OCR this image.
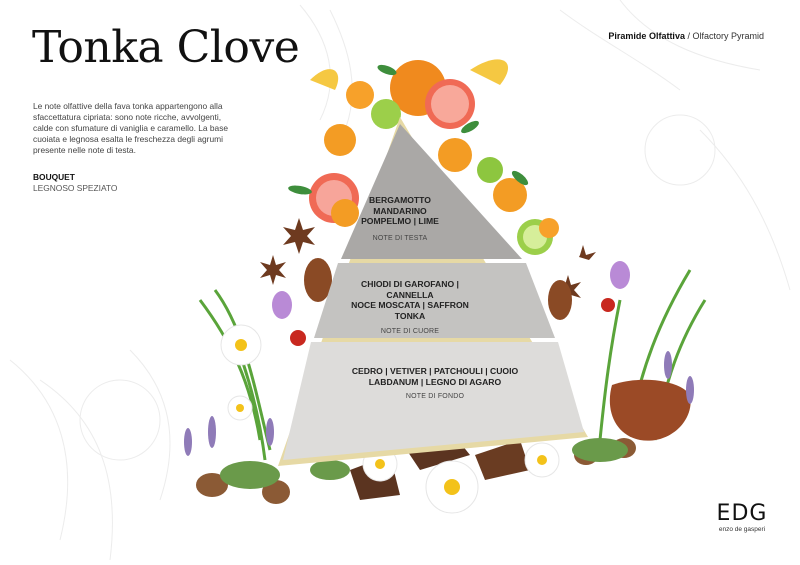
Tonka Clove	Piramide Olfattiva / Olfactory Pyramid
Le note olfattive della fava tonka appartengono alla sfaccettatura cipriata: sono note ricche, avvolgenti, calde con sfumature di vaniglia e caramello. La base cuoiata e legnosa esalta le freschezza degli agrumi presente nelle note di testa.
BOUQUET
LEGNOSO SPEZIATO
BERGAMOTTO
MANDARINO
POMPELMO | LIME
NOTE DI TESTA
CHIODI DI GAROFANO | CANNELLA
NOCE MOSCATA | SAFFRON
TONKA
NOTE DI CUORE
CEDRO | VETIVER | PATCHOULI | CUOIO
LABDANUM | LEGNO DI AGARO
NOTE DI FONDO
EDG
enzo de gasperi
